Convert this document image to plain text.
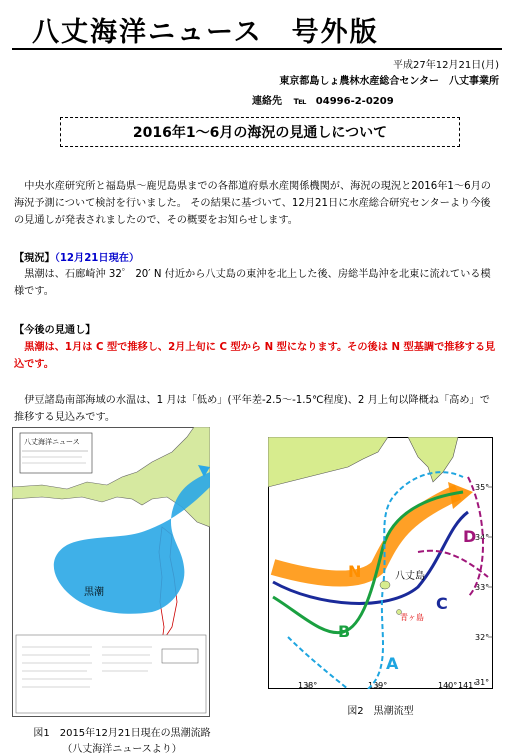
八丈海洋ニュース　号外版
平成27年12月21日(月)
東京都島しょ農林水産総合センター　八丈事業所
連絡先 ℡ 04996-2-0209
2016年1～6月の海況の見通しについて
中央水産研究所と福島県～鹿児島県までの各都道府県水産関係機関が、海況の現況と2016年1～6月の海況予測について検討を行いました。 その結果に基づいて、12月21日に水産総合研究センターより今後の見通しが発表されましたので、その概要をお知らせします。
【現況】（12月21日現在）
黒潮は、石廊崎沖 32゜ 20′ N 付近から八丈島の東沖を北上した後、房総半島沖を北東に流れている模様です。
【今後の見通し】
黒潮は、1月は C 型で推移し、2月上旬に C 型から N 型になります。その後は N 型基調で推移する見込です。
伊豆諸島南部海域の水温は、1 月は「低め」(平年差-2.5～-1.5℃程度)、2 月上旬以降概ね「高め」で推移する見込みです。
黒潮
八丈海洋ニュース
図1　2015年12月21日現在の黒潮流路
（八丈海洋ニュースより）
35°
34°
33°
32°
31°
138°	139°	140° 141°
N
B
A
C
D
八丈島
青ヶ島
図2　黒潮流型
